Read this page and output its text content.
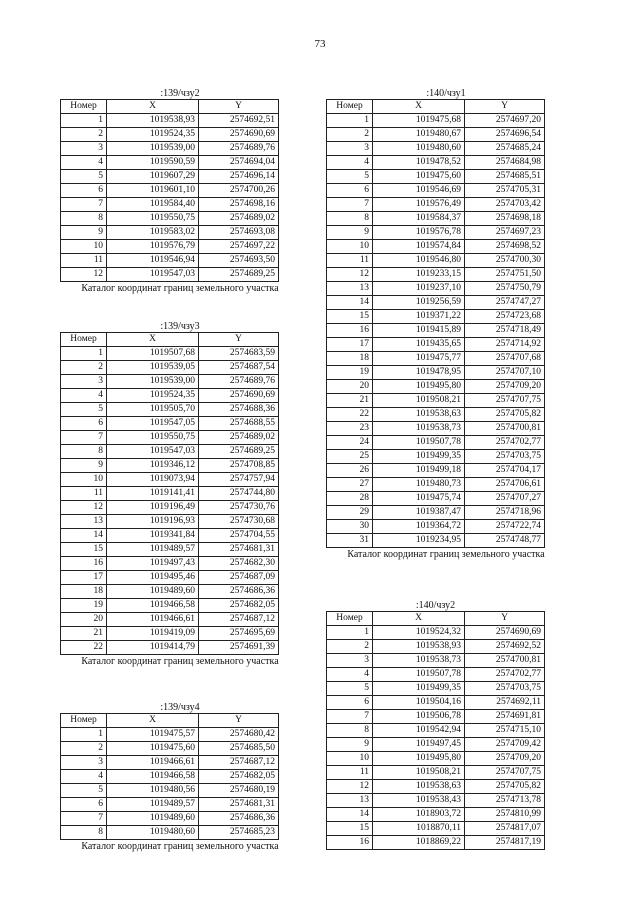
73
:139/чзу2
Номер	X	Y
1	1019538,93	2574692,51
2	1019524,35	2574690,69
3	1019539,00	2574689,76
4	1019590,59	2574694,04
5	1019607,29	2574696,14
6	1019601,10	2574700,26
7	1019584,40	2574698,16
8	1019550,75	2574689,02
9	1019583,02	2574693,08
10	1019576,79	2574697,22
11	1019546,94	2574693,50
12	1019547,03	2574689,25
Каталог координат границ земельного участка
:139/чзу3
Номер	X	Y
1	1019507,68	2574683,59
2	1019539,05	2574687,54
3	1019539,00	2574689,76
4	1019524,35	2574690,69
5	1019505,70	2574688,36
6	1019547,05	2574688,55
7	1019550,75	2574689,02
8	1019547,03	2574689,25
9	1019346,12	2574708,85
10	1019073,94	2574757,94
11	1019141,41	2574744,80
12	1019196,49	2574730,76
13	1019196,93	2574730,68
14	1019341,84	2574704,55
15	1019489,57	2574681,31
16	1019497,43	2574682,30
17	1019495,46	2574687,09
18	1019489,60	2574686,36
19	1019466,58	2574682,05
20	1019466,61	2574687,12
21	1019419,09	2574695,69
22	1019414,79	2574691,39
Каталог координат границ земельного участка
:139/чзу4
Номер	X	Y
1	1019475,57	2574680,42
2	1019475,60	2574685,50
3	1019466,61	2574687,12
4	1019466,58	2574682,05
5	1019480,56	2574680,19
6	1019489,57	2574681,31
7	1019489,60	2574686,36
8	1019480,60	2574685,23
Каталог координат границ земельного участка
:140/чзу1
Номер	X	Y
1	1019475,68	2574697,20
2	1019480,67	2574696,54
3	1019480,60	2574685,24
4	1019478,52	2574684,98
5	1019475,60	2574685,51
6	1019546,69	2574705,31
7	1019576,49	2574703,42
8	1019584,37	2574698,18
9	1019576,78	2574697,23
10	1019574,84	2574698,52
11	1019546,80	2574700,30
12	1019233,15	2574751,50
13	1019237,10	2574750,79
14	1019256,59	2574747,27
15	1019371,22	2574723,68
16	1019415,89	2574718,49
17	1019435,65	2574714,92
18	1019475,77	2574707,68
19	1019478,95	2574707,10
20	1019495,80	2574709,20
21	1019508,21	2574707,75
22	1019538,63	2574705,82
23	1019538,73	2574700,81
24	1019507,78	2574702,77
25	1019499,35	2574703,75
26	1019499,18	2574704,17
27	1019480,73	2574706,61
28	1019475,74	2574707,27
29	1019387,47	2574718,96
30	1019364,72	2574722,74
31	1019234,95	2574748,77
Каталог координат границ земельного участка
:140/чзу2
Номер	X	Y
1	1019524,32	2574690,69
2	1019538,93	2574692,52
3	1019538,73	2574700,81
4	1019507,78	2574702,77
5	1019499,35	2574703,75
6	1019504,16	2574692,11
7	1019506,78	2574691,81
8	1019542,94	2574715,10
9	1019497,45	2574709,42
10	1019495,80	2574709,20
11	1019508,21	2574707,75
12	1019538,63	2574705,82
13	1019538,43	2574713,78
14	1018903,72	2574810,99
15	1018870,11	2574817,07
16	1018869,22	2574817,19
